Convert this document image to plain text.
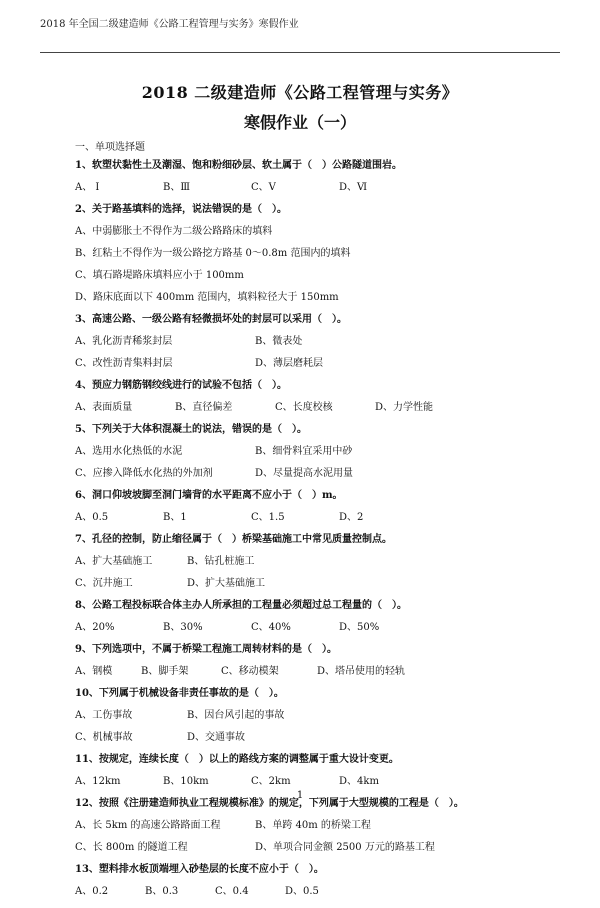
2018 年全国二级建造师《公路工程管理与实务》寒假作业
2018 二级建造师《公路工程管理与实务》
寒假作业（一）
一、单项选择题
1、软塑状黏性土及潮湿、饱和粉细砂层、软土属于（　）公路隧道围岩。
A、 Ⅰ	B、Ⅲ	C、Ⅴ	D、Ⅵ
2、关于路基填料的选择，说法错误的是（　）。
A、中弱膨胀土不得作为二级公路路床的填料
B、红粘土不得作为一级公路挖方路基 0～0.8m 范围内的填料
C、填石路堤路床填料应小于 100mm
D、路床底面以下 400mm 范围内，填料粒径大于 150mm
3、高速公路、一级公路有轻微损坏处的封层可以采用（　）。
A、乳化沥青稀浆封层	B、微表处
C、改性沥青集料封层	D、薄层磨耗层
4、预应力钢筋钢绞线进行的试验不包括（　）。
A、表面质量	B、直径偏差	C、长度校核	D、力学性能
5、下列关于大体积混凝土的说法，错误的是（　）。
A、选用水化热低的水泥	B、细骨料宜采用中砂
C、应掺入降低水化热的外加剂	D、尽量提高水泥用量
6、洞口仰坡坡脚至洞门墙背的水平距离不应小于（　）m。
A、0.5	B、1	C、1.5	D、2
7、孔径的控制，防止缩径属于（　）桥梁基础施工中常见质量控制点。
A、扩大基础施工	B、钻孔桩施工
C、沉井施工	D、扩大基础施工
8、公路工程投标联合体主办人所承担的工程量必须超过总工程量的（　）。
A、20%	B、30%	C、40%	D、50%
9、下列选项中，不属于桥梁工程施工周转材料的是（　）。
A、钢模	B、脚手架	C、移动模架	D、塔吊使用的轻轨
10、下列属于机械设备非责任事故的是（　）。
A、工伤事故	B、因台风引起的事故
C、机械事故	D、交通事故
11、按规定，连续长度（　）以上的路线方案的调整属于重大设计变更。
A、12km	B、10km	C、2km	D、4km
12、按照《注册建造师执业工程规模标准》的规定，下列属于大型规模的工程是（　）。
A、长 5km 的高速公路路面工程	B、单跨 40m 的桥梁工程
C、长 800m 的隧道工程	D、单项合同金额 2500 万元的路基工程
13、塑料排水板顶端埋入砂垫层的长度不应小于（　）。
A、0.2	B、0.3	C、0.4	D、0.5
1
